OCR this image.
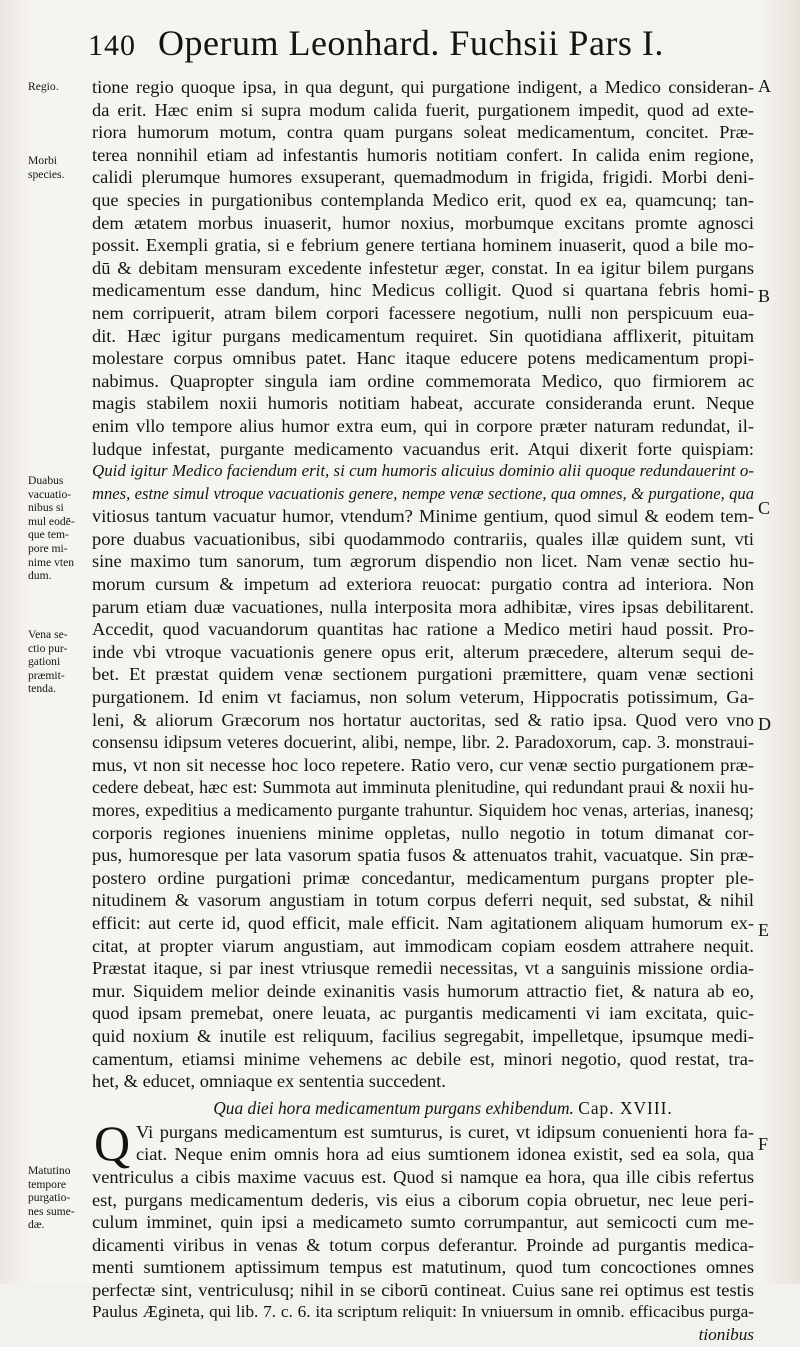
140 Operum Leonhard. Fuchsii Pars I.
Regio.
Morbi
species.
Duabus
vacuatio-
nibus si
mul eodē-
que tem-
pore mi-
nime vten
dum.
Vena se-
ctio pur-
gationi
præmit-
tenda.
Matutino
tempore
purgatio-
nes sume-
dæ.
A
B
C
D
E
F
tione regio quoque ipsa, in qua degunt, qui purgatione indigent, a Medico consideran-
da erit. Hæc enim si supra modum calida fuerit, purgationem impedit, quod ad exte-
riora humorum motum, contra quam purgans soleat medicamentum, concitet. Præ-
terea nonnihil etiam ad infestantis humoris notitiam confert. In calida enim regione,
calidi plerumque humores exsuperant, quemadmodum in frigida, frigidi. Morbi deni-
que species in purgationibus contemplanda Medico erit, quod ex ea, quamcunq; tan-
dem ætatem morbus inuaserit, humor noxius, morbumque excitans promte agnosci
possit. Exempli gratia, si e febrium genere tertiana hominem inuaserit, quod a bile mo-
dū & debitam mensuram excedente infestetur æger, constat. In ea igitur bilem purgans
medicamentum esse dandum, hinc Medicus colligit. Quod si quartana febris homi-
nem corripuerit, atram bilem corpori facessere negotium, nulli non perspicuum eua-
dit. Hæc igitur purgans medicamentum requiret. Sin quotidiana afflixerit, pituitam
molestare corpus omnibus patet. Hanc itaque educere potens medicamentum propi-
nabimus. Quapropter singula iam ordine commemorata Medico, quo firmiorem ac
magis stabilem noxii humoris notitiam habeat, accurate consideranda erunt. Neque
enim vllo tempore alius humor extra eum, qui in corpore præter naturam redundat, il-
ludque infestat, purgante medicamento vacuandus erit. Atqui dixerit forte quispiam:
Quid igitur Medico faciendum erit, si cum humoris alicuius dominio alii quoque redundauerint o-
mnes, estne simul vtroque vacuationis genere, nempe venæ sectione, qua omnes, & purgatione, qua
vitiosus tantum vacuatur humor, vtendum? Minime gentium, quod simul & eodem tem-
pore duabus vacuationibus, sibi quodammodo contrariis, quales illæ quidem sunt, vti
sine maximo tum sanorum, tum ægrorum dispendio non licet. Nam venæ sectio hu-
morum cursum & impetum ad exteriora reuocat: purgatio contra ad interiora. Non
parum etiam duæ vacuationes, nulla interposita mora adhibitæ, vires ipsas debilitarent.
Accedit, quod vacuandorum quantitas hac ratione a Medico metiri haud possit. Pro-
inde vbi vtroque vacuationis genere opus erit, alterum præcedere, alterum sequi de-
bet. Et præstat quidem venæ sectionem purgationi præmittere, quam venæ sectioni
purgationem. Id enim vt faciamus, non solum veterum, Hippocratis potissimum, Ga-
leni, & aliorum Græcorum nos hortatur auctoritas, sed & ratio ipsa. Quod vero vno
consensu idipsum veteres docuerint, alibi, nempe, libr. 2. Paradoxorum, cap. 3. monstraui-
mus, vt non sit necesse hoc loco repetere. Ratio vero, cur venæ sectio purgationem præ-
cedere debeat, hæc est: Summota aut imminuta plenitudine, qui redundant praui & noxii hu-
mores, expeditius a medicamento purgante trahuntur. Siquidem hoc venas, arterias, inanesq;
corporis regiones inueniens minime oppletas, nullo negotio in totum dimanat cor-
pus, humoresque per lata vasorum spatia fusos & attenuatos trahit, vacuatque. Sin præ-
postero ordine purgationi primæ concedantur, medicamentum purgans propter ple-
nitudinem & vasorum angustiam in totum corpus deferri nequit, sed substat, & nihil
efficit: aut certe id, quod efficit, male efficit. Nam agitationem aliquam humorum ex-
citat, at propter viarum angustiam, aut immodicam copiam eosdem attrahere nequit.
Præstat itaque, si par inest vtriusque remedii necessitas, vt a sanguinis missione ordia-
mur. Siquidem melior deinde exinanitis vasis humorum attractio fiet, & natura ab eo,
quod ipsam premebat, onere leuata, ac purgantis medicamenti vi iam excitata, quic-
quid noxium & inutile est reliquum, facilius segregabit, impelletque, ipsumque medi-
camentum, etiamsi minime vehemens ac debile est, minori negotio, quod restat, tra-
het, & educet, omniaque ex sententia succedent.
Qua diei hora medicamentum purgans exhibendum. Cap. XVIII.
Q Vi purgans medicamentum est sumturus, is curet, vt idipsum conuenienti hora fa-
ciat. Neque enim omnis hora ad eius sumtionem idonea existit, sed ea sola, qua
ventriculus a cibis maxime vacuus est. Quod si namque ea hora, qua ille cibis refertus
est, purgans medicamentum dederis, vis eius a ciborum copia obruetur, nec leue peri-
culum imminet, quin ipsi a medicameto sumto corrumpantur, aut semicocti cum me-
dicamenti viribus in venas & totum corpus deferantur. Proinde ad purgantis medica-
menti sumtionem aptissimum tempus est matutinum, quod tum concoctiones omnes
perfectæ sint, ventriculusq; nihil in se ciborū contineat. Cuius sane rei optimus est testis
Paulus Æginеta, qui lib. 7. c. 6. ita scriptum reliquit: In vniuersum in omnib. efficacibus purga-
tionibus
